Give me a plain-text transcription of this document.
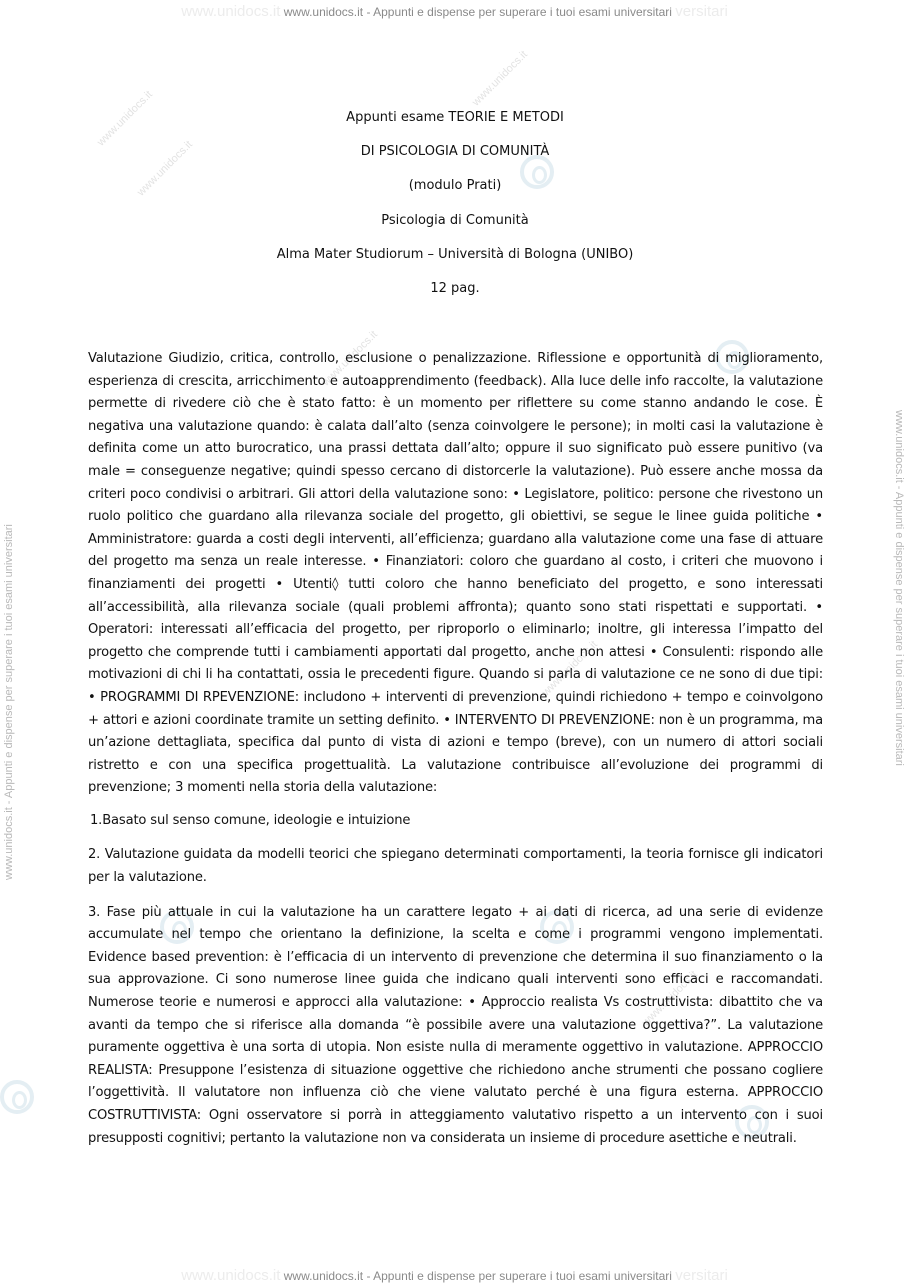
www.unidocs.it www.unidocs.it - Appunti e dispense per superare i tuoi esami universitari versitari
www.unidocs.it www.unidocs.it - Appunti e dispense per superare i tuoi esami universitari versitari
www.unidocs.it - Appunti e dispense per superare i tuoi esami universitari	www.unidocs.it - Appunti e dispense per superare i tuoi esami universitari
www.unidocs.it
www.unidocs.it
www.unidocs.it
www.unidocs.it
www.unidocs.it
www.unidocs.it
Appunti esame TEORIE E METODI
DI PSICOLOGIA DI COMUNITÀ
(modulo Prati)
Psicologia di Comunità
Alma Mater Studiorum – Università di Bologna (UNIBO)
12 pag.

Valutazione Giudizio, critica, controllo, esclusione o penalizzazione. Riflessione e opportunità di miglioramento, esperienza di crescita, arricchimento e autoapprendimento (feedback). Alla luce delle info raccolte, la valutazione permette di rivedere ciò che è stato fatto: è un momento per riflettere su come stanno andando le cose. È negativa una valutazione quando: è calata dall’alto (senza coinvolgere le persone); in molti casi la valutazione è definita come un atto burocratico, una prassi dettata dall’alto; oppure il suo significato può essere punitivo (va male = conseguenze negative; quindi spesso cercano di distorcerle la valutazione). Può essere anche mossa da criteri poco condivisi o arbitrari. Gli attori della valutazione sono: • Legislatore, politico: persone che rivestono un ruolo politico che guardano alla rilevanza sociale del progetto, gli obiettivi, se segue le linee guida politiche • Amministratore: guarda a costi degli interventi, all’efficienza; guardano alla valutazione come una fase di attuare del progetto ma senza un reale interesse. • Finanziatori: coloro che guardano al costo, i criteri che muovono i finanziamenti dei progetti • Utenti◊ tutti coloro che hanno beneficiato del progetto, e sono interessati all’accessibilità, alla rilevanza sociale (quali problemi affronta); quanto sono stati rispettati e supportati. • Operatori: interessati all’efficacia del progetto, per riproporlo o eliminarlo; inoltre, gli interessa l’impatto del progetto che comprende tutti i cambiamenti apportati dal progetto, anche non attesi • Consulenti: rispondo alle motivazioni di chi li ha contattati, ossia le precedenti figure. Quando si parla di valutazione ce ne sono di due tipi: • PROGRAMMI DI RPEVENZIONE: includono + interventi di prevenzione, quindi richiedono + tempo e coinvolgono + attori e azioni coordinate tramite un setting definito. • INTERVENTO DI PREVENZIONE: non è un programma, ma un’azione dettagliata, specifica dal punto di vista di azioni e tempo (breve), con un numero di attori sociali ristretto e con una specifica progettualità. La valutazione contribuisce all’evoluzione dei programmi di prevenzione; 3 momenti nella storia della valutazione:

1.Basato sul senso comune, ideologie e intuizione

2. Valutazione guidata da modelli teorici che spiegano determinati comportamenti, la teoria fornisce gli indicatori per la valutazione.

3. Fase più attuale in cui la valutazione ha un carattere legato + ai dati di ricerca, ad una serie di evidenze accumulate nel tempo che orientano la definizione, la scelta e come i programmi vengono implementati. Evidence based prevention: è l’efficacia di un intervento di prevenzione che determina il suo finanziamento o la sua approvazione. Ci sono numerose linee guida che indicano quali interventi sono efficaci e raccomandati. Numerose teorie e numerosi e approcci alla valutazione: • Approccio realista Vs costruttivista: dibattito che va avanti da tempo che si riferisce alla domanda “è possibile avere una valutazione oggettiva?”. La valutazione puramente oggettiva è una sorta di utopia. Non esiste nulla di meramente oggettivo in valutazione. APPROCCIO REALISTA: Presuppone l’esistenza di situazione oggettive che richiedono anche strumenti che possano cogliere l’oggettività. Il valutatore non influenza ciò che viene valutato perché è una figura esterna. APPROCCIO COSTRUTTIVISTA: Ogni osservatore si porrà in atteggiamento valutativo rispetto a un intervento con i suoi presupposti cognitivi; pertanto la valutazione non va considerata un insieme di procedure asettiche e neutrali.
